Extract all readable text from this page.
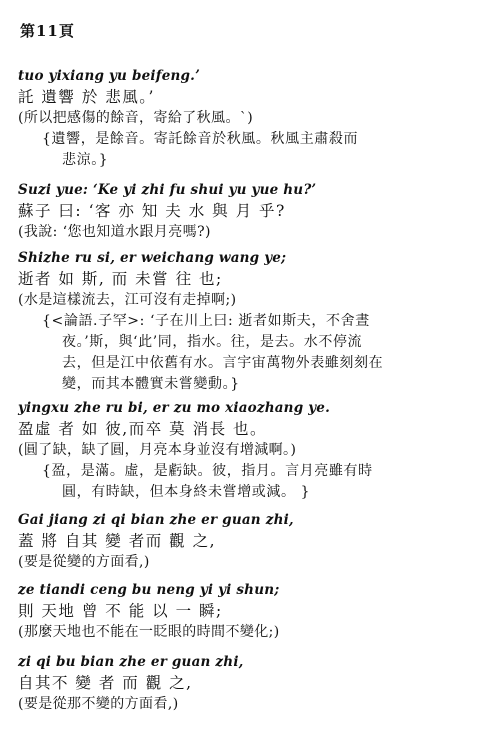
第11頁
tuo yixiang yu beifeng.’
託 遺響 於 悲風。’
(所以把感傷的餘音，寄給了秋風。`)
{遺響，是餘音。寄託餘音於秋風。秋風主肅殺而
悲涼。}
Suzi yue: ‘Ke yi zhi fu shui yu yue hu?’
蘇子 曰: ‘客 亦 知 夫 水 與 月 乎?
(我說: ‘您也知道水跟月亮嗎?)
Shizhe ru si, er weichang wang ye;
逝者 如 斯, 而 未嘗 往 也;
(水是這樣流去，江可沒有走掉啊;)
{<論語.子罕>: ‘子在川上曰: 逝者如斯夫，不舍晝
夜。’斯，與‘此’同，指水。往，是去。水不停流
去，但是江中依舊有水。言宇宙萬物外表雖刻刻在
變，而其本體實未嘗變動。}
yingxu zhe ru bi, er zu mo xiaozhang ye.
盈虛 者 如 彼,而卒 莫 消長 也。
(圓了缺，缺了圓，月亮本身並沒有增減啊。)
{盈，是滿。虛，是虧缺。彼，指月。言月亮雖有時
圓，有時缺，但本身終未嘗增或減。 }
Gai jiang zi qi bian zhe er guan zhi,
蓋 將 自其 變 者而 觀 之,
(要是從變的方面看,)
ze tiandi ceng bu neng yi yi shun;
則 天地 曾 不 能 以 一 瞬;
(那麼天地也不能在一眨眼的時間不變化;)
zi qi bu bian zhe er guan zhi,
自其不 變 者 而 觀 之,
(要是從那不變的方面看,)
